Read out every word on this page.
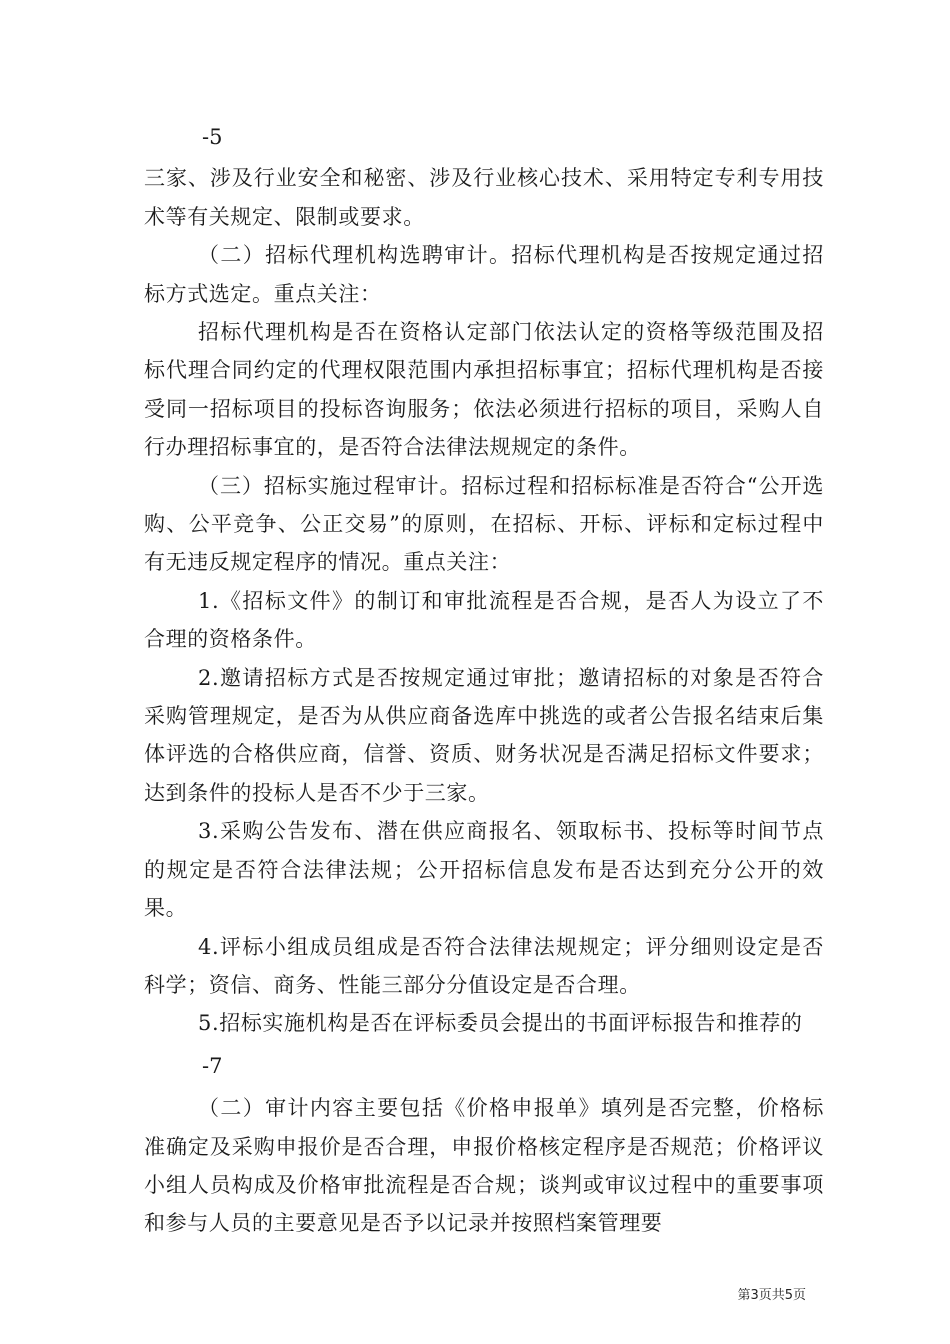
-5

三家、涉及行业安全和秘密、涉及行业核心技术、采用特定专利专用技术等有关规定、限制或要求。

（二）招标代理机构选聘审计。招标代理机构是否按规定通过招标方式选定。重点关注：

招标代理机构是否在资格认定部门依法认定的资格等级范围及招标代理合同约定的代理权限范围内承担招标事宜；招标代理机构是否接受同一招标项目的投标咨询服务；依法必须进行招标的项目，采购人自行办理招标事宜的，是否符合法律法规规定的条件。

（三）招标实施过程审计。招标过程和招标标准是否符合“公开选购、公平竞争、公正交易”的原则，在招标、开标、评标和定标过程中有无违反规定程序的情况。重点关注：

1.《招标文件》的制订和审批流程是否合规，是否人为设立了不合理的资格条件。

2.邀请招标方式是否按规定通过审批；邀请招标的对象是否符合采购管理规定，是否为从供应商备选库中挑选的或者公告报名结束后集体评选的合格供应商，信誉、资质、财务状况是否满足招标文件要求；达到条件的投标人是否不少于三家。

3.采购公告发布、潜在供应商报名、领取标书、投标等时间节点的规定是否符合法律法规；公开招标信息发布是否达到充分公开的效果。

4.评标小组成员组成是否符合法律法规规定；评分细则设定是否科学；资信、商务、性能三部分分值设定是否合理。

5.招标实施机构是否在评标委员会提出的书面评标报告和推荐的

-7

（二）审计内容主要包括《价格申报单》填列是否完整，价格标准确定及采购申报价是否合理，申报价格核定程序是否规范；价格评议小组人员构成及价格审批流程是否合规；谈判或审议过程中的重要事项和参与人员的主要意见是否予以记录并按照档案管理要

第3页共5页
